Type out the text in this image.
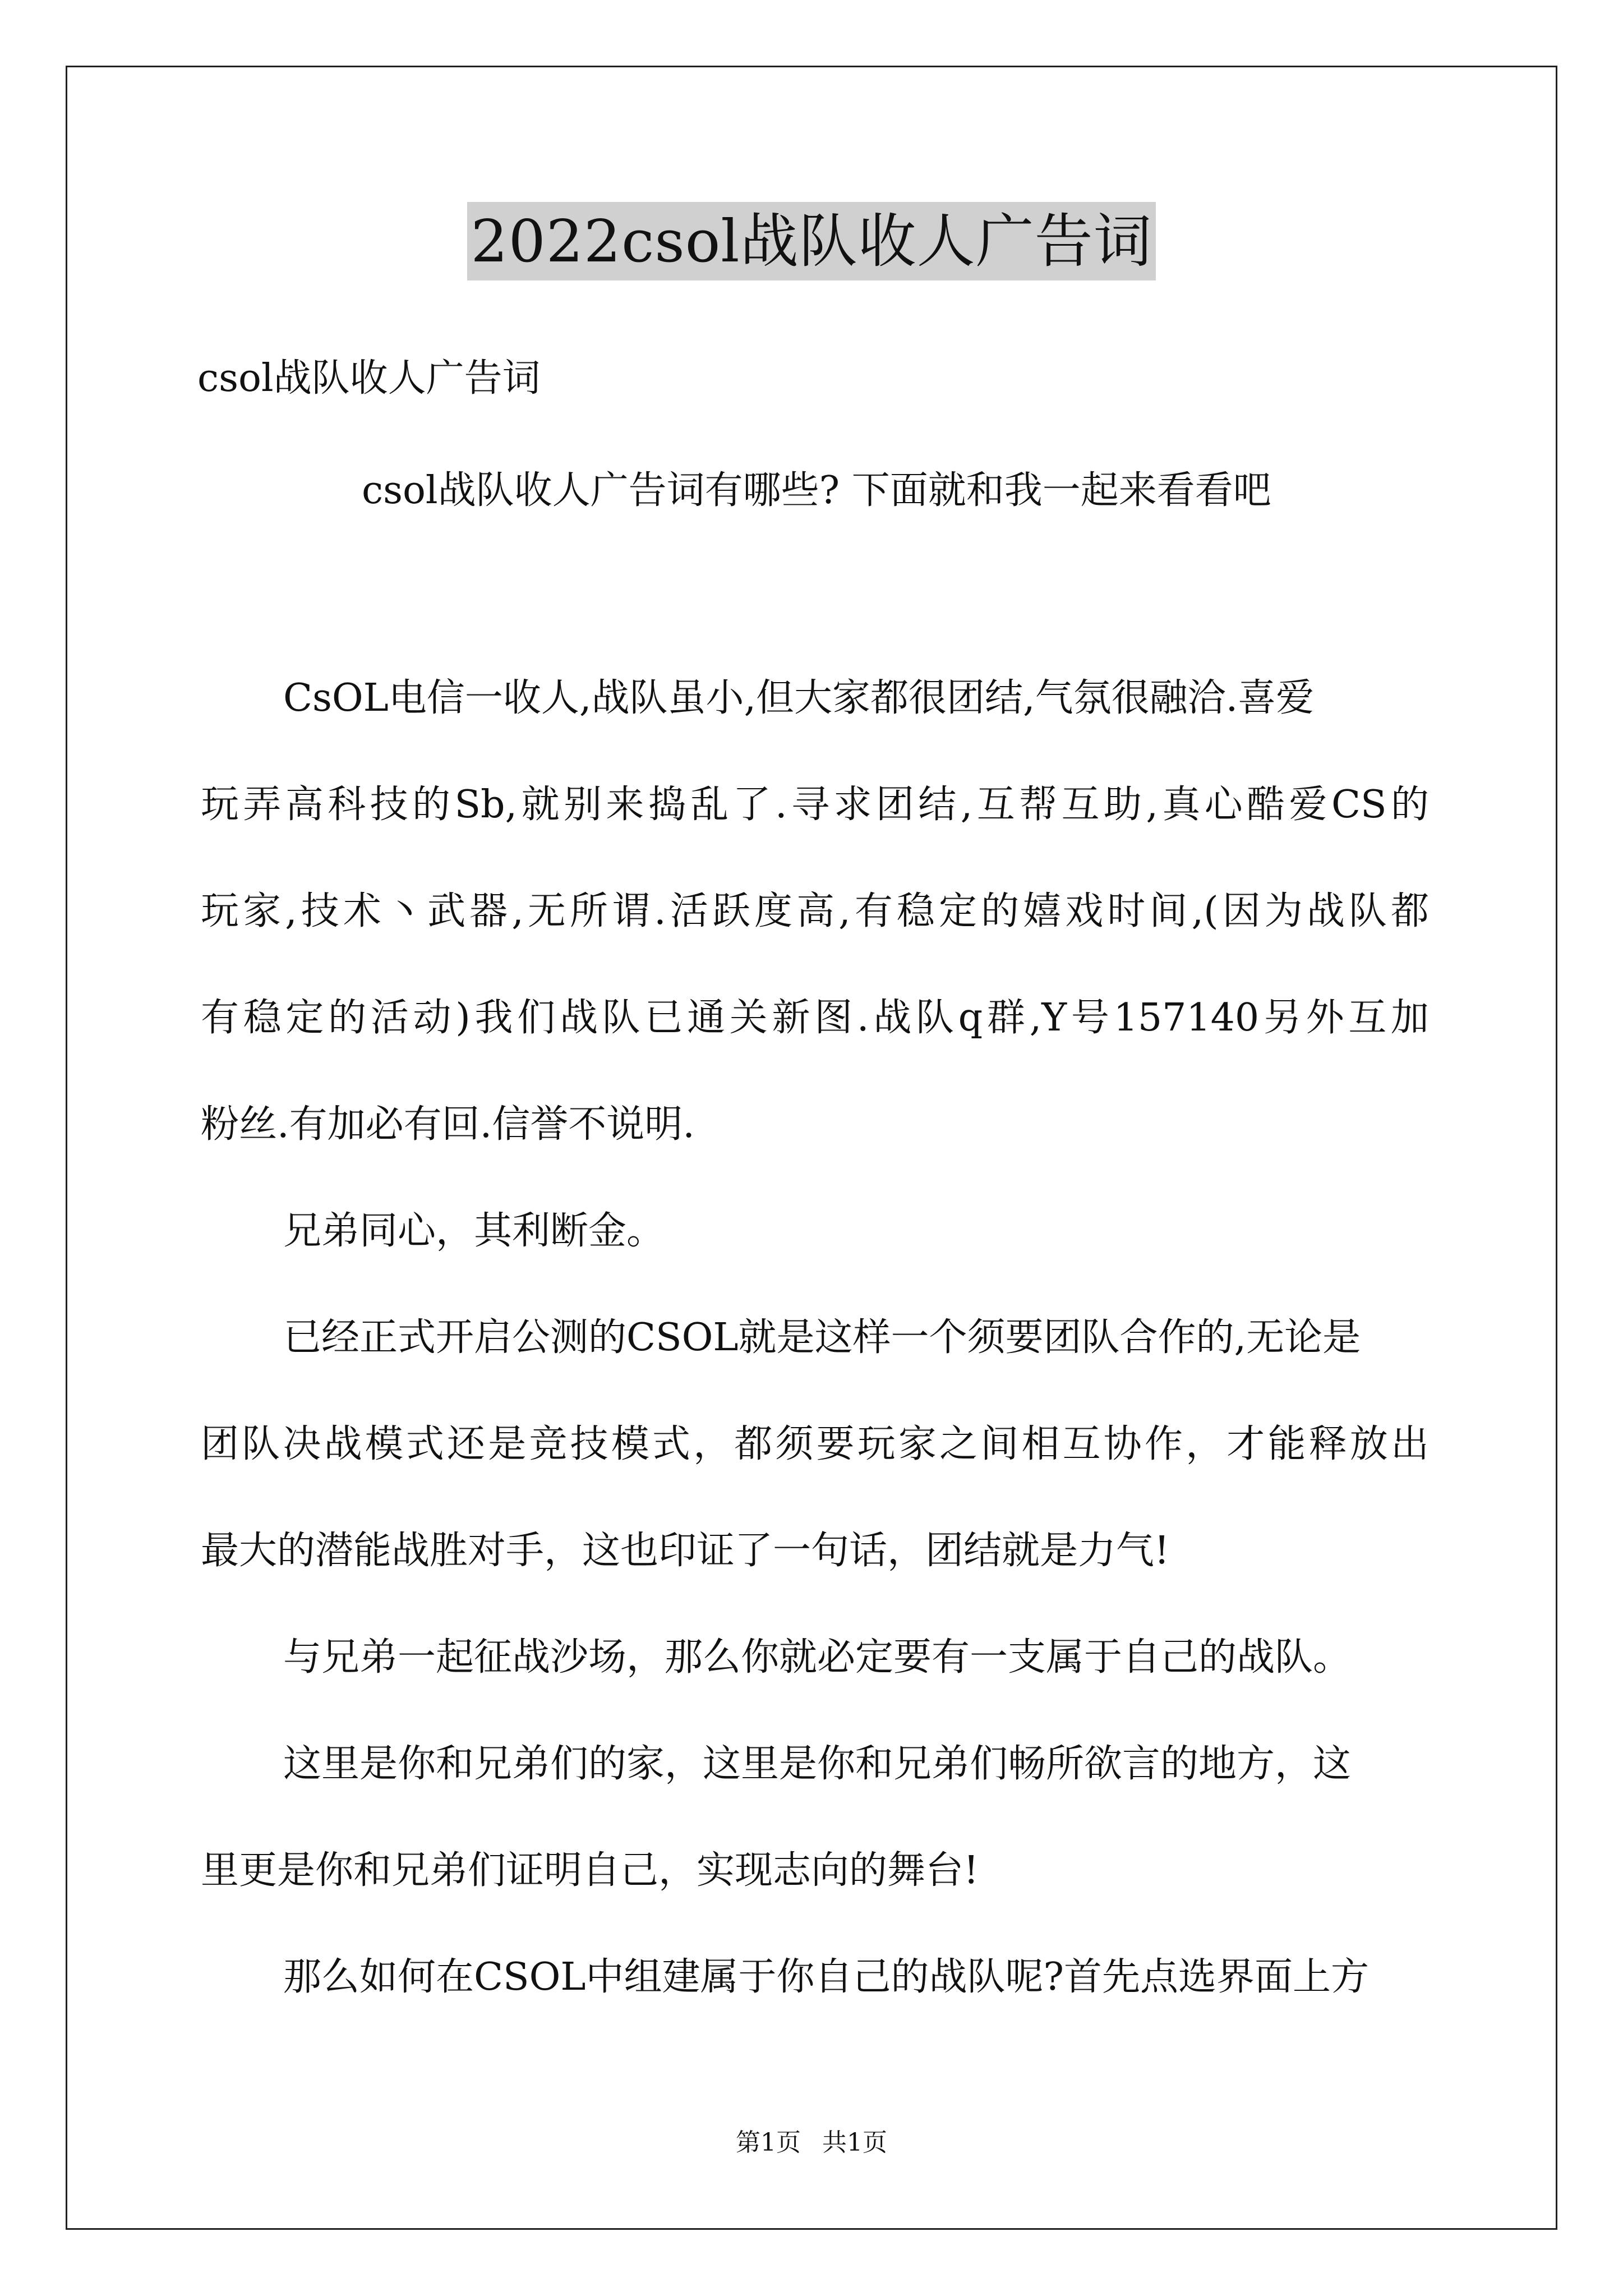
2022csol战队收人广告词
csol战队收人广告词
csol战队收人广告词有哪些? 下面就和我一起来看看吧
CsOL电信一收人,战队虽小,但大家都很团结,气氛很融洽.喜爱
玩弄高科技的Sb,就别来捣乱了.寻求团结,互帮互助,真心酷爱CS的
玩家,技术丶武器,无所谓.活跃度高,有稳定的嬉戏时间,(因为战队都
有稳定的活动)我们战队已通关新图.战队q群,Y号157140另外互加
粉丝.有加必有回.信誉不说明.
兄弟同心，其利断金。
已经正式开启公测的CSOL就是这样一个须要团队合作的,无论是
团队决战模式还是竞技模式，都须要玩家之间相互协作，才能释放出
最大的潜能战胜对手，这也印证了一句话，团结就是力气!
与兄弟一起征战沙场，那么你就必定要有一支属于自己的战队。
这里是你和兄弟们的家，这里是你和兄弟们畅所欲言的地方，这
里更是你和兄弟们证明自己，实现志向的舞台!
那么如何在CSOL中组建属于你自己的战队呢?首先点选界面上方
第1页 共1页
